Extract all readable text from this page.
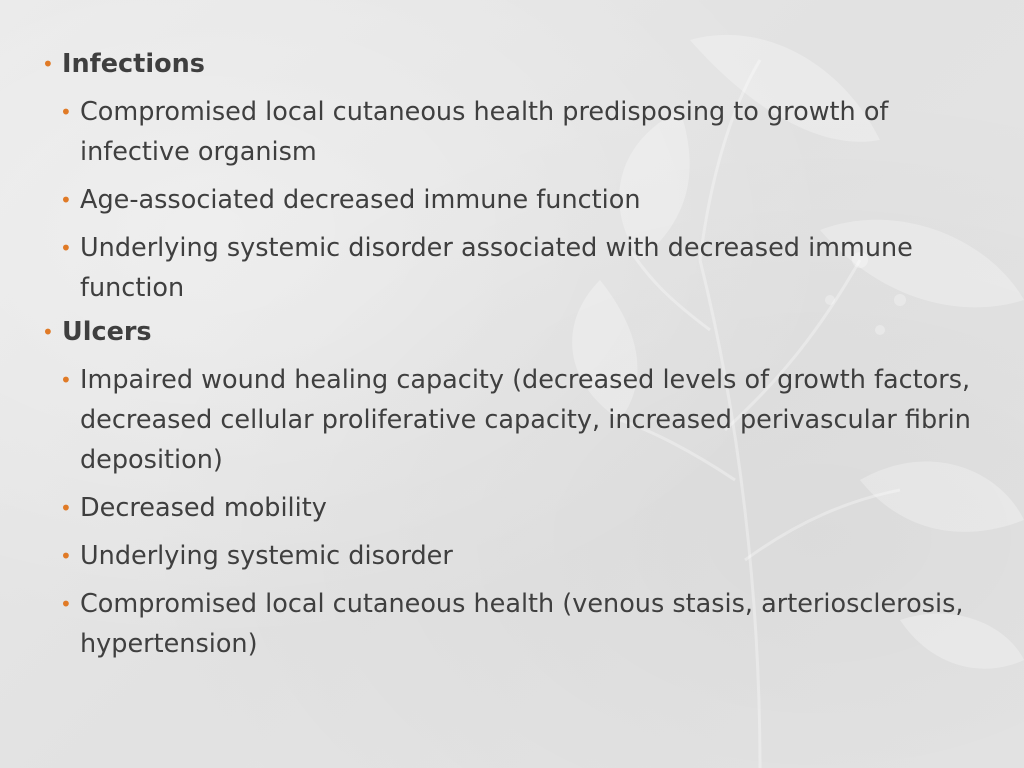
• Infections
• Compromised local cutaneous health predisposing to growth of infective organism
• Age-associated decreased immune function
• Underlying systemic disorder associated with decreased immune function
• Ulcers
• Impaired wound healing capacity (decreased levels of growth factors, decreased cellular proliferative capacity, increased perivascular fibrin deposition)
• Decreased mobility
• Underlying systemic disorder
• Compromised local cutaneous health (venous stasis, arteriosclerosis, hypertension)
